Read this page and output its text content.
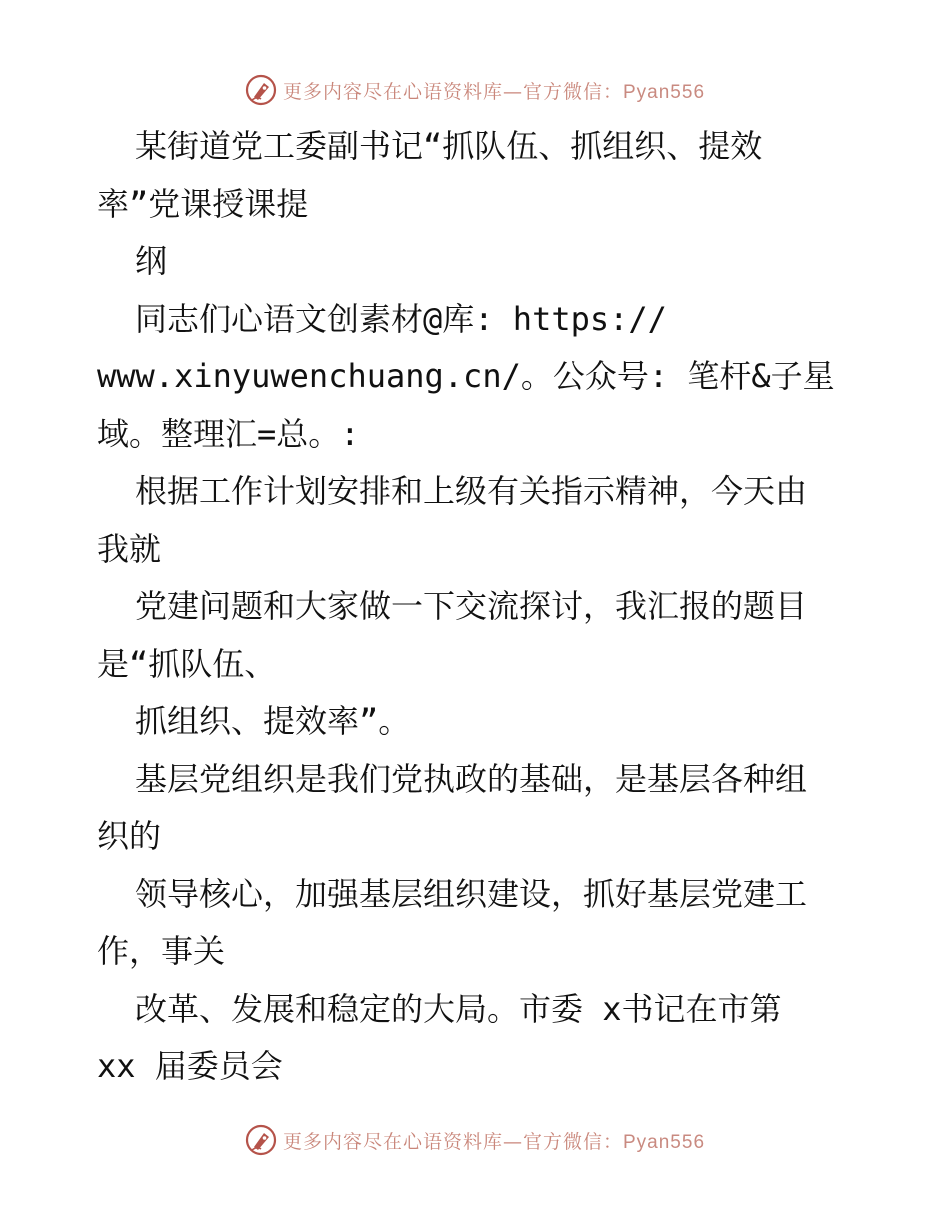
更多内容尽在心语资料库—官方微信：Pyan556
某街道党工委副书记“抓队伍、抓组织、提效
率”党课授课提
纲
同志们心语文创素材@库: https://
www.xinyuwenchuang.cn/。公众号: 笔杆&子星
域。整理汇=总。:
根据工作计划安排和上级有关指示精神，今天由
我就
党建问题和大家做一下交流探讨，我汇报的题目
是“抓队伍、
抓组织、提效率”。
基层党组织是我们党执政的基础，是基层各种组
织的
领导核心，加强基层组织建设，抓好基层党建工
作，事关
改革、发展和稳定的大局。市委 x书记在市第
xx 届委员会
更多内容尽在心语资料库—官方微信：Pyan556
